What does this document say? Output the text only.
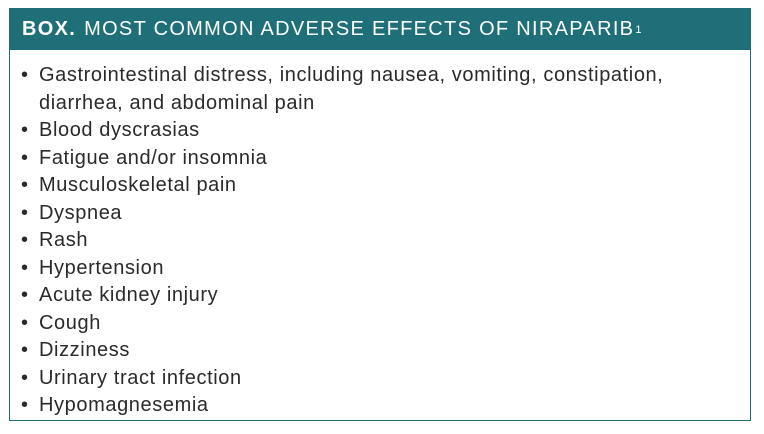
BOX. MOST COMMON ADVERSE EFFECTS OF NIRAPARIB 1
• Gastrointestinal distress, including nausea, vomiting, constipation, diarrhea, and abdominal pain
• Blood dyscrasias
• Fatigue and/or insomnia
• Musculoskeletal pain
• Dyspnea
• Rash
• Hypertension
• Acute kidney injury
• Cough
• Dizziness
• Urinary tract infection
• Hypomagnesemia
